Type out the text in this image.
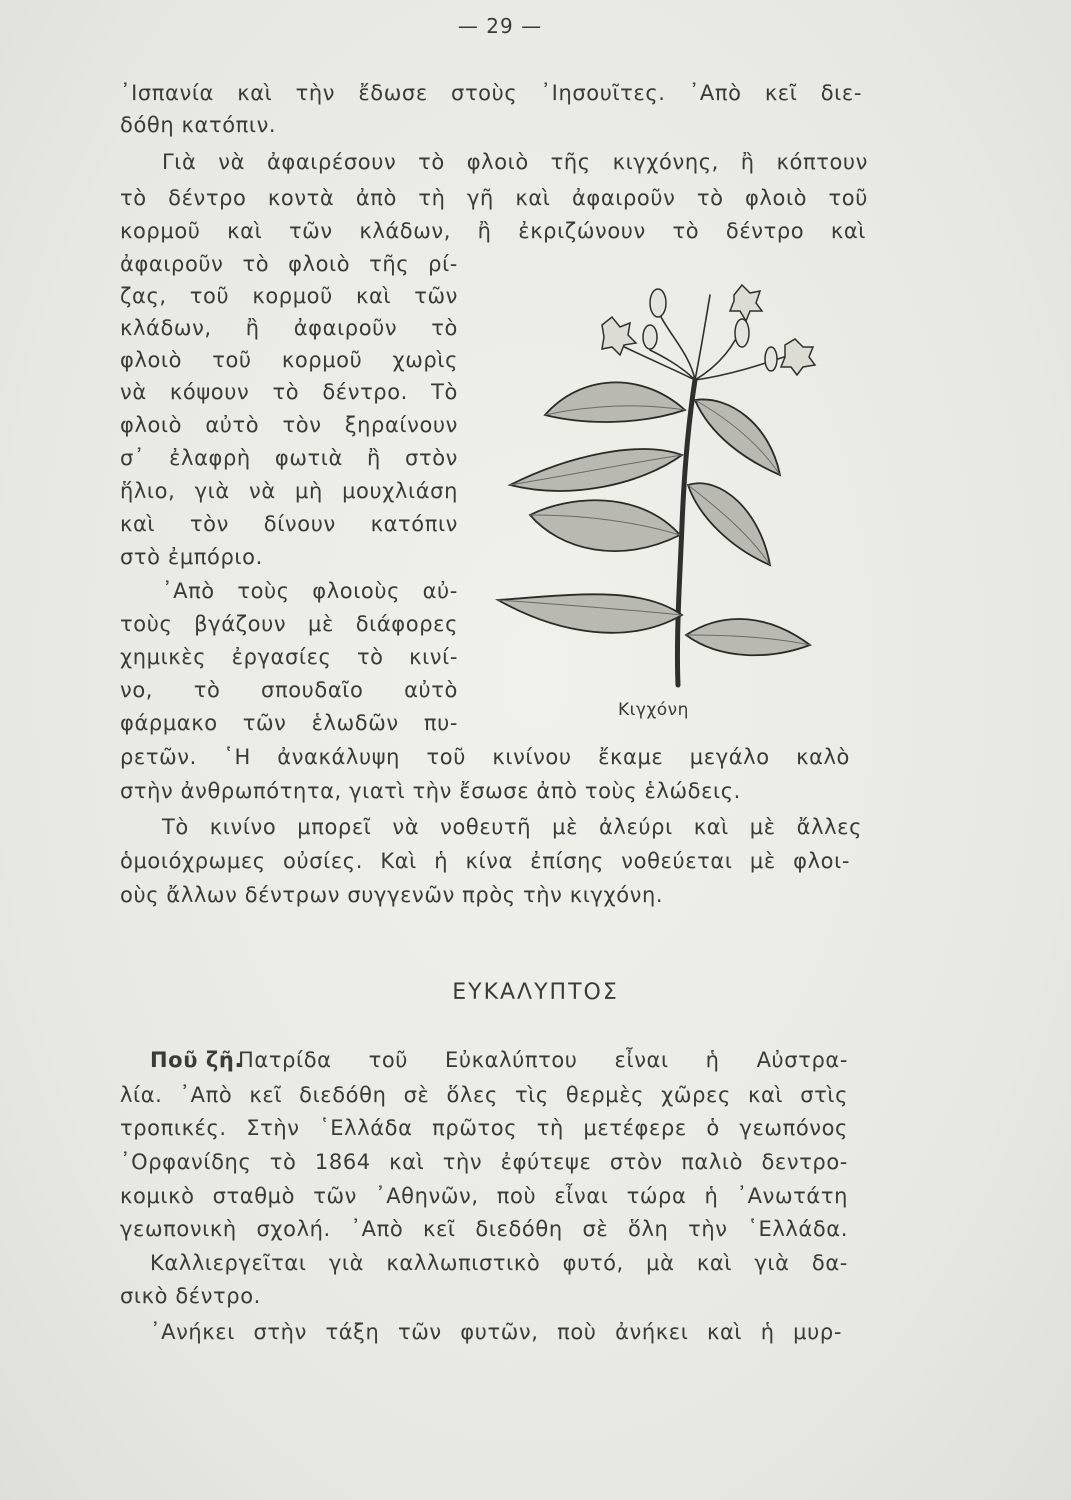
— 29 —
᾽Ισπανία καὶ τὴν ἔδωσε στοὺς ᾽Ιησουῖτες. ᾽Απὸ κεῖ διε-
δόθη κατόπιν.
Γιὰ νὰ ἀφαιρέσουν τὸ φλοιὸ τῆς κιγχόνης, ἢ κόπτουν
τὸ δέντρο κοντὰ ἀπὸ τὴ γῆ καὶ ἀφαιροῦν τὸ φλοιὸ τοῦ
κορμοῦ καὶ τῶν κλάδων, ἢ ἐκριζώνουν τὸ δέντρο καὶ
ἀφαιροῦν τὸ φλοιὸ τῆς ρί-
ζας, τοῦ κορμοῦ καὶ τῶν
κλάδων, ἢ ἀφαιροῦν τὸ
φλοιὸ τοῦ κορμοῦ χωρὶς
νὰ κόψουν τὸ δέντρο. Τὸ
φλοιὸ αὐτὸ τὸν ξηραίνουν
σ᾽ ἐλαφρὴ φωτιὰ ἢ στὸν
ἥλιο, γιὰ νὰ μὴ μουχλιάση
καὶ τὸν δίνουν κατόπιν
στὸ ἐμπόριο.
᾽Απὸ τοὺς φλοιοὺς αὐ-
τοὺς βγάζουν μὲ διάφορες
χημικὲς ἐργασίες τὸ κινί-
νο, τὸ σπουδαῖο αὐτὸ
φάρμακο τῶν ἑλωδῶν πυ-
ρετῶν. ῾Η ἀνακάλυψη τοῦ κινίνου ἔκαμε μεγάλο καλὸ
στὴν ἀνθρωπότητα, γιατὶ τὴν ἔσωσε ἀπὸ τοὺς ἑλώδεις.
Τὸ κινίνο μπορεῖ νὰ νοθευτῆ μὲ ἀλεύρι καὶ μὲ ἄλλες
ὁμοιόχρωμες οὐσίες. Καὶ ἡ κίνα ἐπίσης νοθεύεται μὲ φλοι-
οὺς ἄλλων δέντρων συγγενῶν πρὸς τὴν κιγχόνη.
Κιγχόνη
ΕΥΚΑΛΥΠΤΟΣ
Ποῦ ζῆ.
Πατρίδα τοῦ Εὐκαλύπτου εἶναι ἡ Αὐστρα-
λία. ᾽Απὸ κεῖ διεδόθη σὲ ὅλες τὶς θερμὲς χῶρες καὶ στὶς
τροπικές. Στὴν ῾Ελλάδα πρῶτος τὴ μετέφερε ὁ γεωπόνος
᾽Ορφανίδης τὸ 1864 καὶ τὴν ἐφύτεψε στὸν παλιὸ δεντρο-
κομικὸ σταθμὸ τῶν ᾽Αθηνῶν, ποὺ εἶναι τώρα ἡ ᾽Ανωτάτη
γεωπονικὴ σχολή. ᾽Απὸ κεῖ διεδόθη σὲ ὅλη τὴν ῾Ελλάδα.
Καλλιεργεῖται γιὰ καλλωπιστικὸ φυτό, μὰ καὶ γιὰ δα-
σικὸ δέντρο.
᾽Ανήκει στὴν τάξη τῶν φυτῶν, ποὺ ἀνήκει καὶ ἡ μυρ-
